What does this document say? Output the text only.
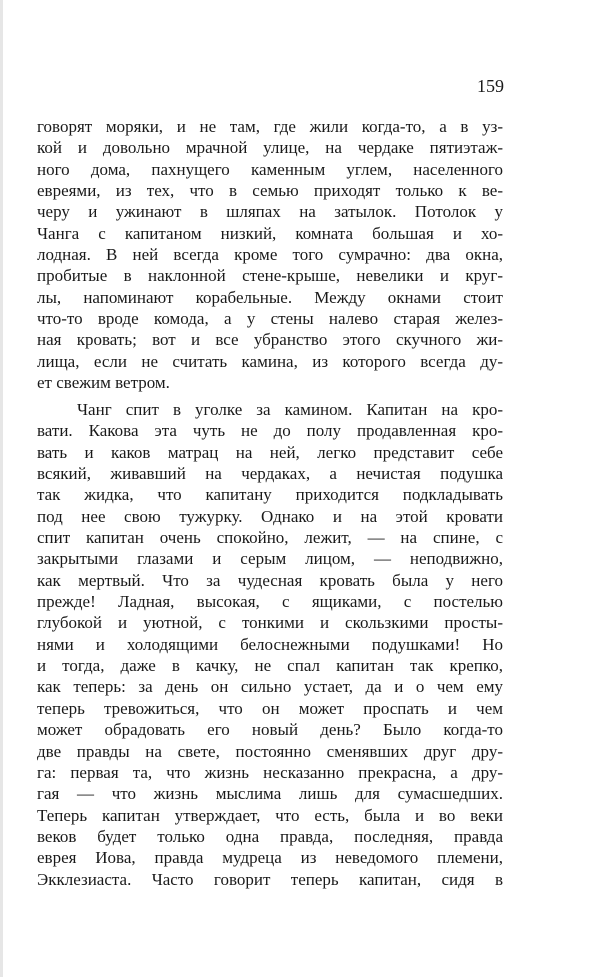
159
говорят моряки, и не там, где жили когда-то, а в уз-
кой и довольно мрачной улице, на чердаке пятиэтаж-
ного дома, пахнущего каменным углем, населенного
евреями, из тех, что в семью приходят только к ве-
черу и ужинают в шляпах на затылок. Потолок у
Чанга с капитаном низкий, комната большая и хо-
лодная. В ней всегда кроме того сумрачно: два окна,
пробитые в наклонной стене-крыше, невелики и круг-
лы, напоминают корабельные. Между окнами стоит
что-то вроде комода, а у стены налево старая желез-
ная кровать; вот и все убранство этого скучного жи-
лища, если не считать камина, из которого всегда ду-
ет свежим ветром.
Чанг спит в уголке за камином. Капитан на кро-
вати. Какова эта чуть не до полу продавленная кро-
вать и каков матрац на ней, легко представит себе
всякий, живавший на чердаках, а нечистая подушка
так жидка, что капитану приходится подкладывать
под нее свою тужурку. Однако и на этой кровати
спит капитан очень спокойно, лежит, — на спине, с
закрытыми глазами и серым лицом, — неподвижно,
как мертвый. Что за чудесная кровать была у него
прежде! Ладная, высокая, с ящиками, с постелью
глубокой и уютной, с тонкими и скользкими просты-
нями и холодящими белоснежными подушками! Но
и тогда, даже в качку, не спал капитан так крепко,
как теперь: за день он сильно устает, да и о чем ему
теперь тревожиться, что он может проспать и чем
может обрадовать его новый день? Было когда-то
две правды на свете, постоянно сменявших друг дру-
га: первая та, что жизнь несказанно прекрасна, а дру-
гая — что жизнь мыслима лишь для сумасшедших.
Теперь капитан утверждает, что есть, была и во веки
веков будет только одна правда, последняя, правда
еврея Иова, правда мудреца из неведомого племени,
Экклезиаста. Часто говорит теперь капитан, сидя в
